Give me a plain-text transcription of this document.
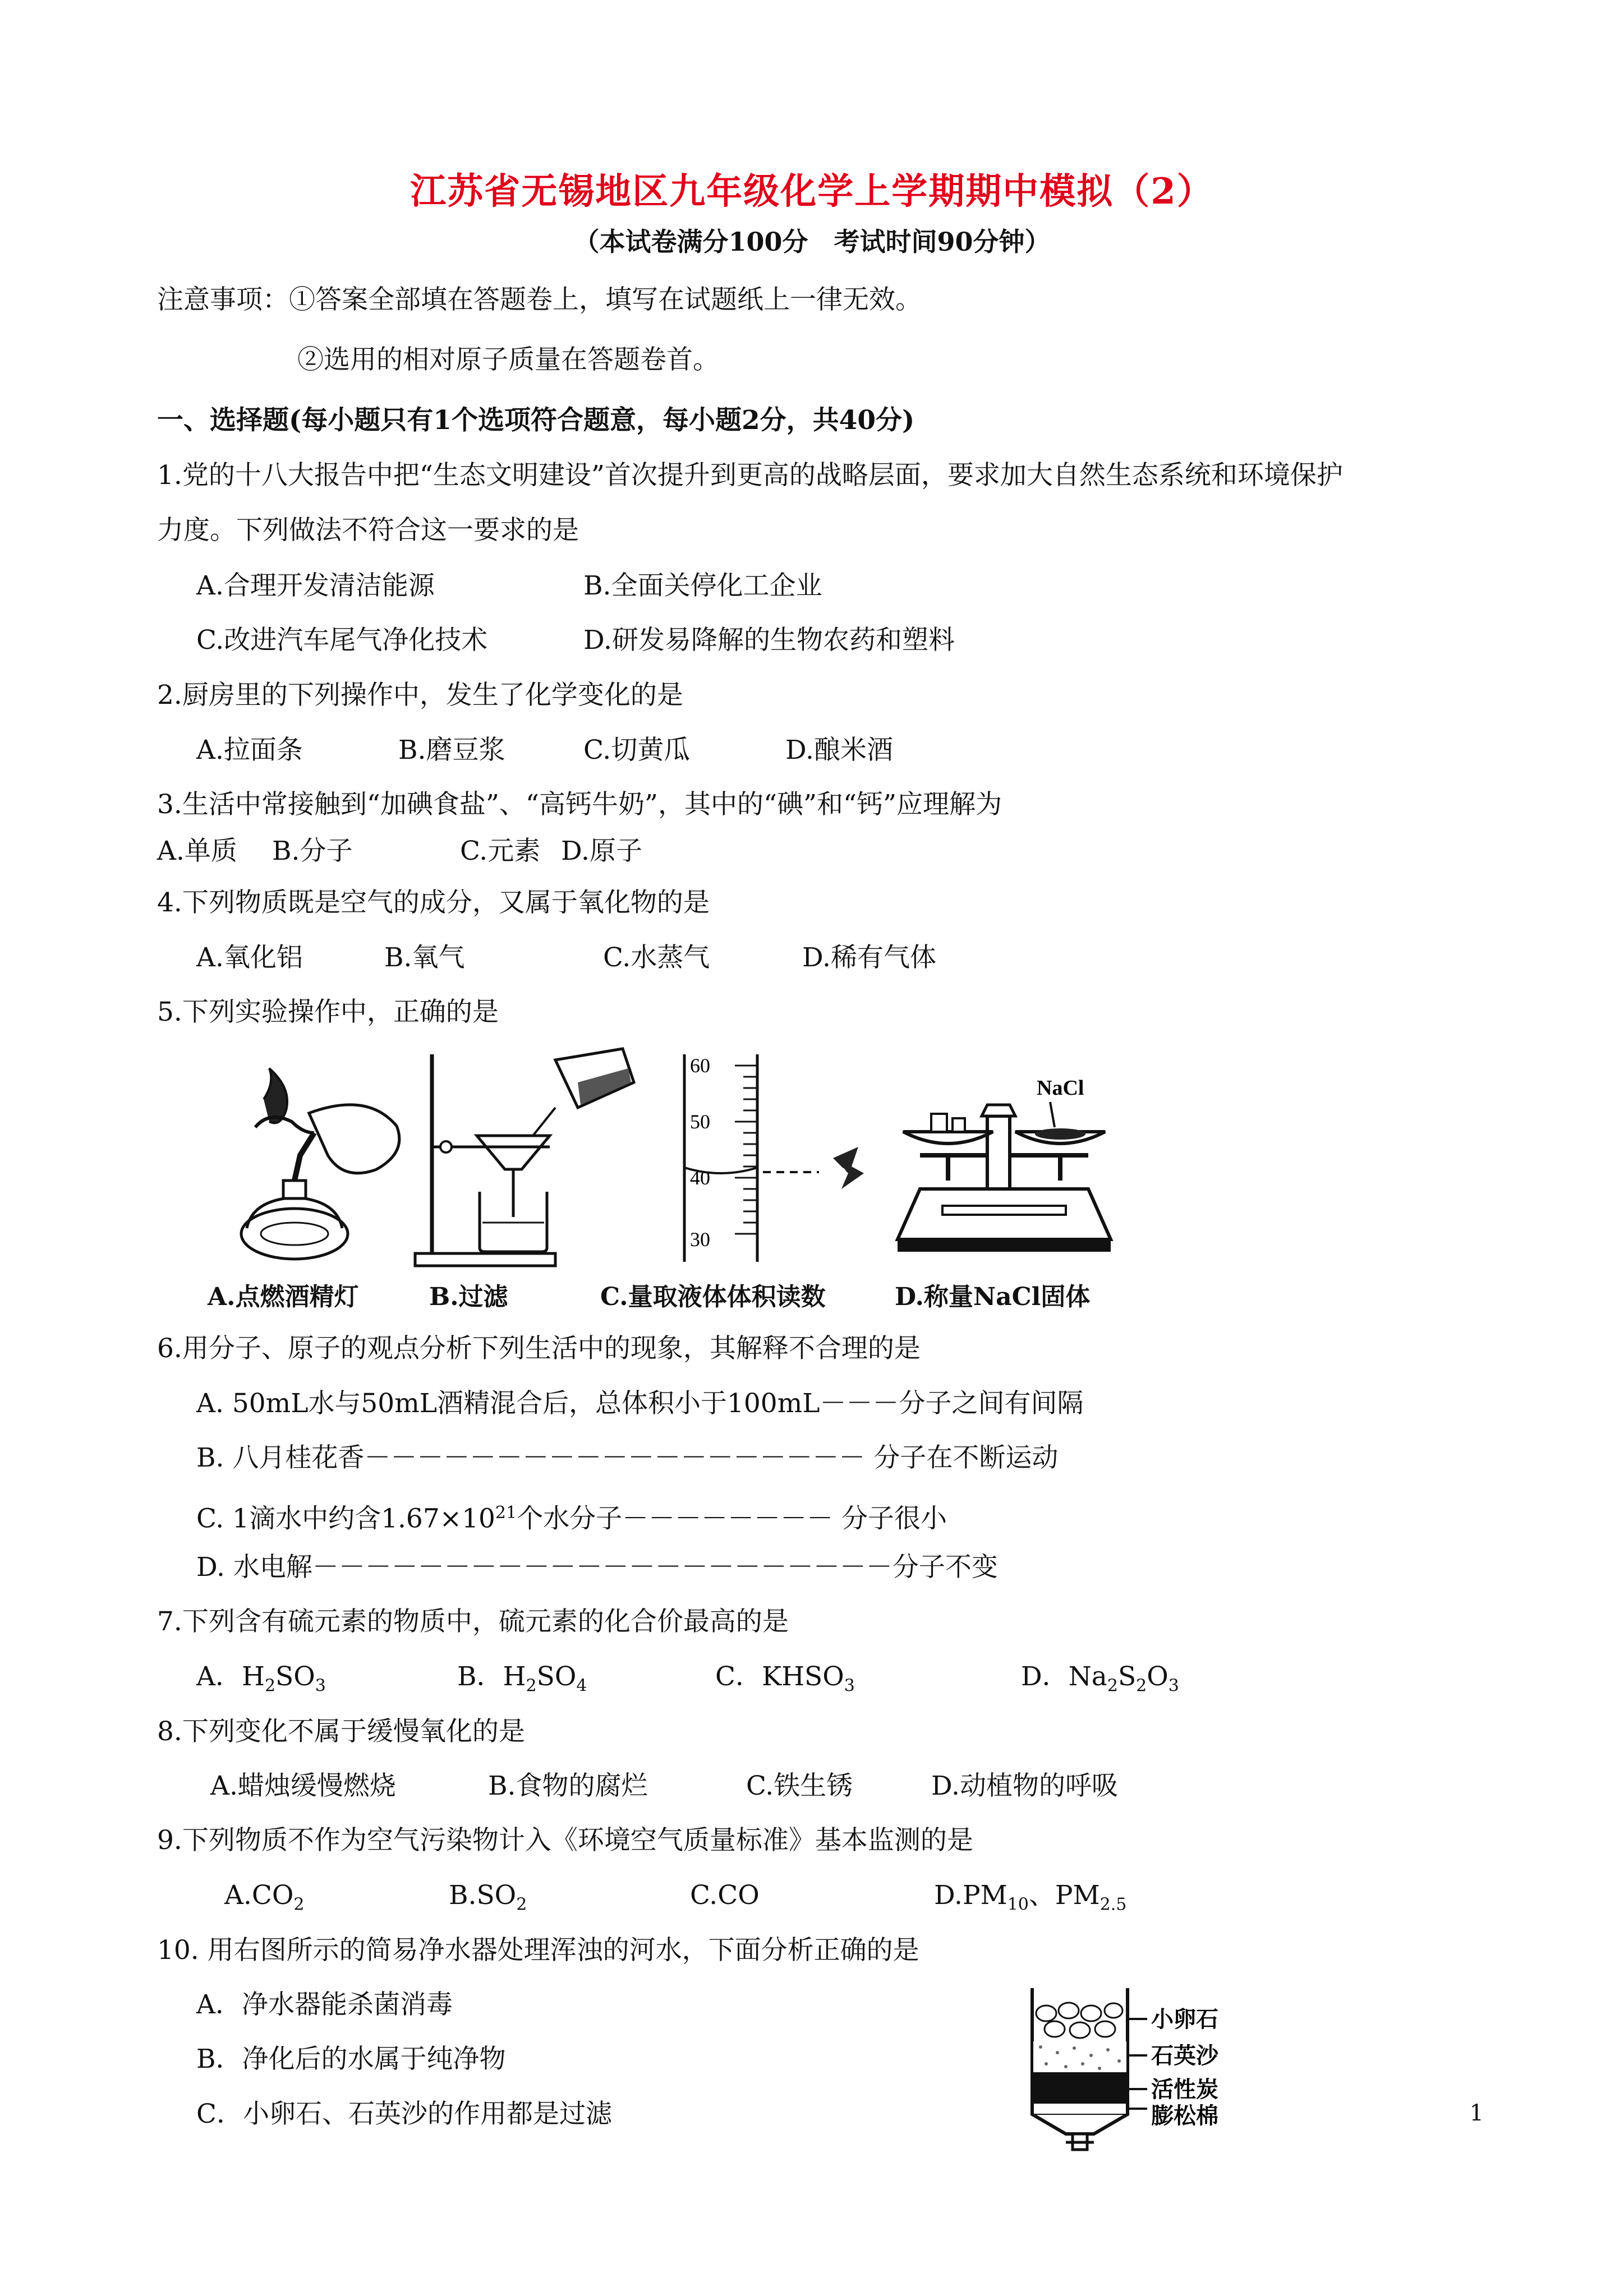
江苏省无锡地区九年级化学上学期期中模拟（2）
（本试卷满分100分　考试时间90分钟）
注意事项：①答案全部填在答题卷上，填写在试题纸上一律无效。
②选用的相对原子质量在答题卷首。
一、选择题(每小题只有1个选项符合题意，每小题2分，共40分)
1.党的十八大报告中把“生态文明建设”首次提升到更高的战略层面，要求加大自然生态系统和环境保护
力度。下列做法不符合这一要求的是
A.合理开发清洁能源	B.全面关停化工企业
C.改进汽车尾气净化技术	D.研发易降解的生物农药和塑料
2.厨房里的下列操作中，发生了化学变化的是
A.拉面条	B.磨豆浆	C.切黄瓜	D.酿米酒
3.生活中常接触到“加碘食盐”、“高钙牛奶”，其中的“碘”和“钙”应理解为
A.单质 B.分子	C.元素 D.原子
4.下列物质既是空气的成分，又属于氧化物的是
A.氧化铝	B.氧气	C.水蒸气	D.稀有气体
5.下列实验操作中，正确的是
60
50
40
30
NaCl
A.点燃酒精灯	B.过滤	C.量取液体体积读数	D.称量NaCl固体
6.用分子、原子的观点分析下列生活中的现象，其解释不合理的是
A. 50mL水与50mL酒精混合后，总体积小于100mL－－－分子之间有间隔
B. 八月桂花香－－－－－－－－－－－－－－－－－－－ 分子在不断运动
C. 1滴水中约含$1.67\times 10^{21}$个水分子－－－－－－－－ 分子很小
D. 水电解－－－－－－－－－－－－－－－－－－－－－－分子不变
7.下列含有硫元素的物质中，硫元素的化合价最高的是
A．$H_2SO_3$	B．$H_2SO_4$	C．$KHSO_3$	D．$Na_2S_2O_3$
8.下列变化不属于缓慢氧化的是
A.蜡烛缓慢燃烧	B.食物的腐烂	C.铁生锈	D.动植物的呼吸
9.下列物质不作为空气污染物计入《环境空气质量标准》基本监测的是
$A.CO_2$	$B.SO_2$	C.CO	$D.PM_{10}$、$PM_{2.5}$
10. 用右图所示的简易净水器处理浑浊的河水，下面分析正确的是
A．净水器能杀菌消毒
B．净化后的水属于纯净物
C．小卵石、石英沙的作用都是过滤
小卵石
石英沙
活性炭
膨松棉	1
